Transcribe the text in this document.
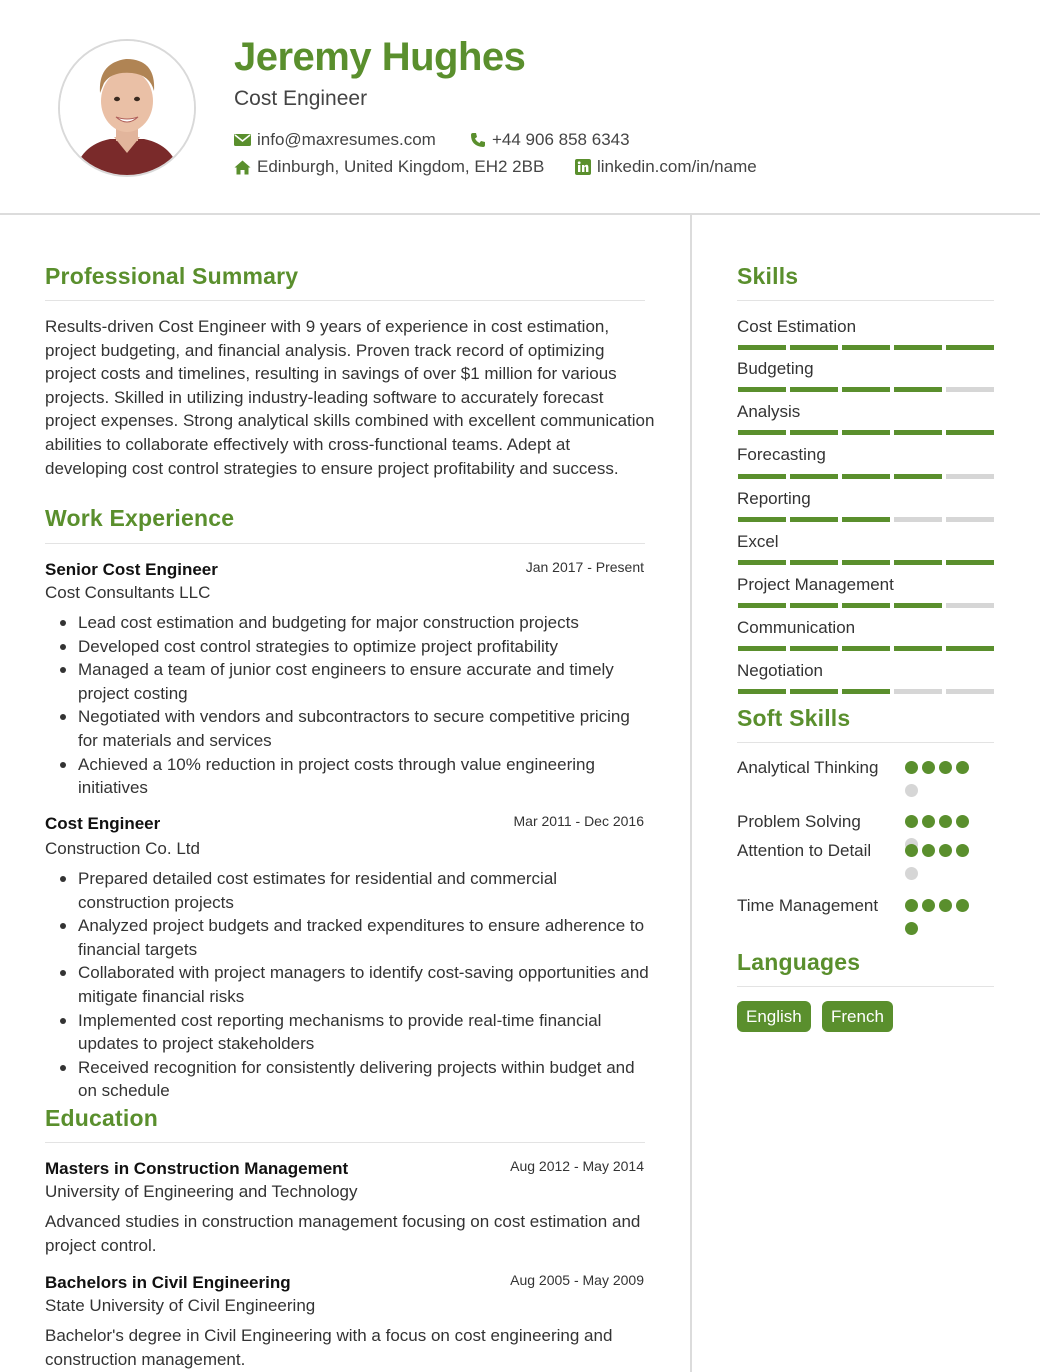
Jeremy Hughes
Cost Engineer
info@maxresumes.com	+44 906 858 6343
Edinburgh, United Kingdom, EH2 2BB	linkedin.com/in/name
Professional Summary
Results-driven Cost Engineer with 9 years of experience in cost estimation, project budgeting, and financial analysis. Proven track record of optimizing project costs and timelines, resulting in savings of over $1 million for various projects. Skilled in utilizing industry-leading software to accurately forecast project expenses. Strong analytical skills combined with excellent communication abilities to collaborate effectively with cross-functional teams. Adept at developing cost control strategies to ensure project profitability and success.
Work Experience
Senior Cost Engineer	Jan 2017 - Present
Cost Consultants LLC
Lead cost estimation and budgeting for major construction projects
Developed cost control strategies to optimize project profitability
Managed a team of junior cost engineers to ensure accurate and timely project costing
Negotiated with vendors and subcontractors to secure competitive pricing for materials and services
Achieved a 10% reduction in project costs through value engineering initiatives
Cost Engineer	Mar 2011 - Dec 2016
Construction Co. Ltd
Prepared detailed cost estimates for residential and commercial construction projects
Analyzed project budgets and tracked expenditures to ensure adherence to financial targets
Collaborated with project managers to identify cost-saving opportunities and mitigate financial risks
Implemented cost reporting mechanisms to provide real-time financial updates to project stakeholders
Received recognition for consistently delivering projects within budget and on schedule
Education
Masters in Construction Management	Aug 2012 - May 2014
University of Engineering and Technology
Advanced studies in construction management focusing on cost estimation and project control.
Bachelors in Civil Engineering	Aug 2005 - May 2009
State University of Civil Engineering
Bachelor's degree in Civil Engineering with a focus on cost engineering and construction management.
Skills
Cost Estimation
Budgeting
Analysis
Forecasting
Reporting
Excel
Project Management
Communication
Negotiation
Soft Skills
Analytical Thinking
Problem Solving
Attention to Detail
Time Management
Languages
English	French
